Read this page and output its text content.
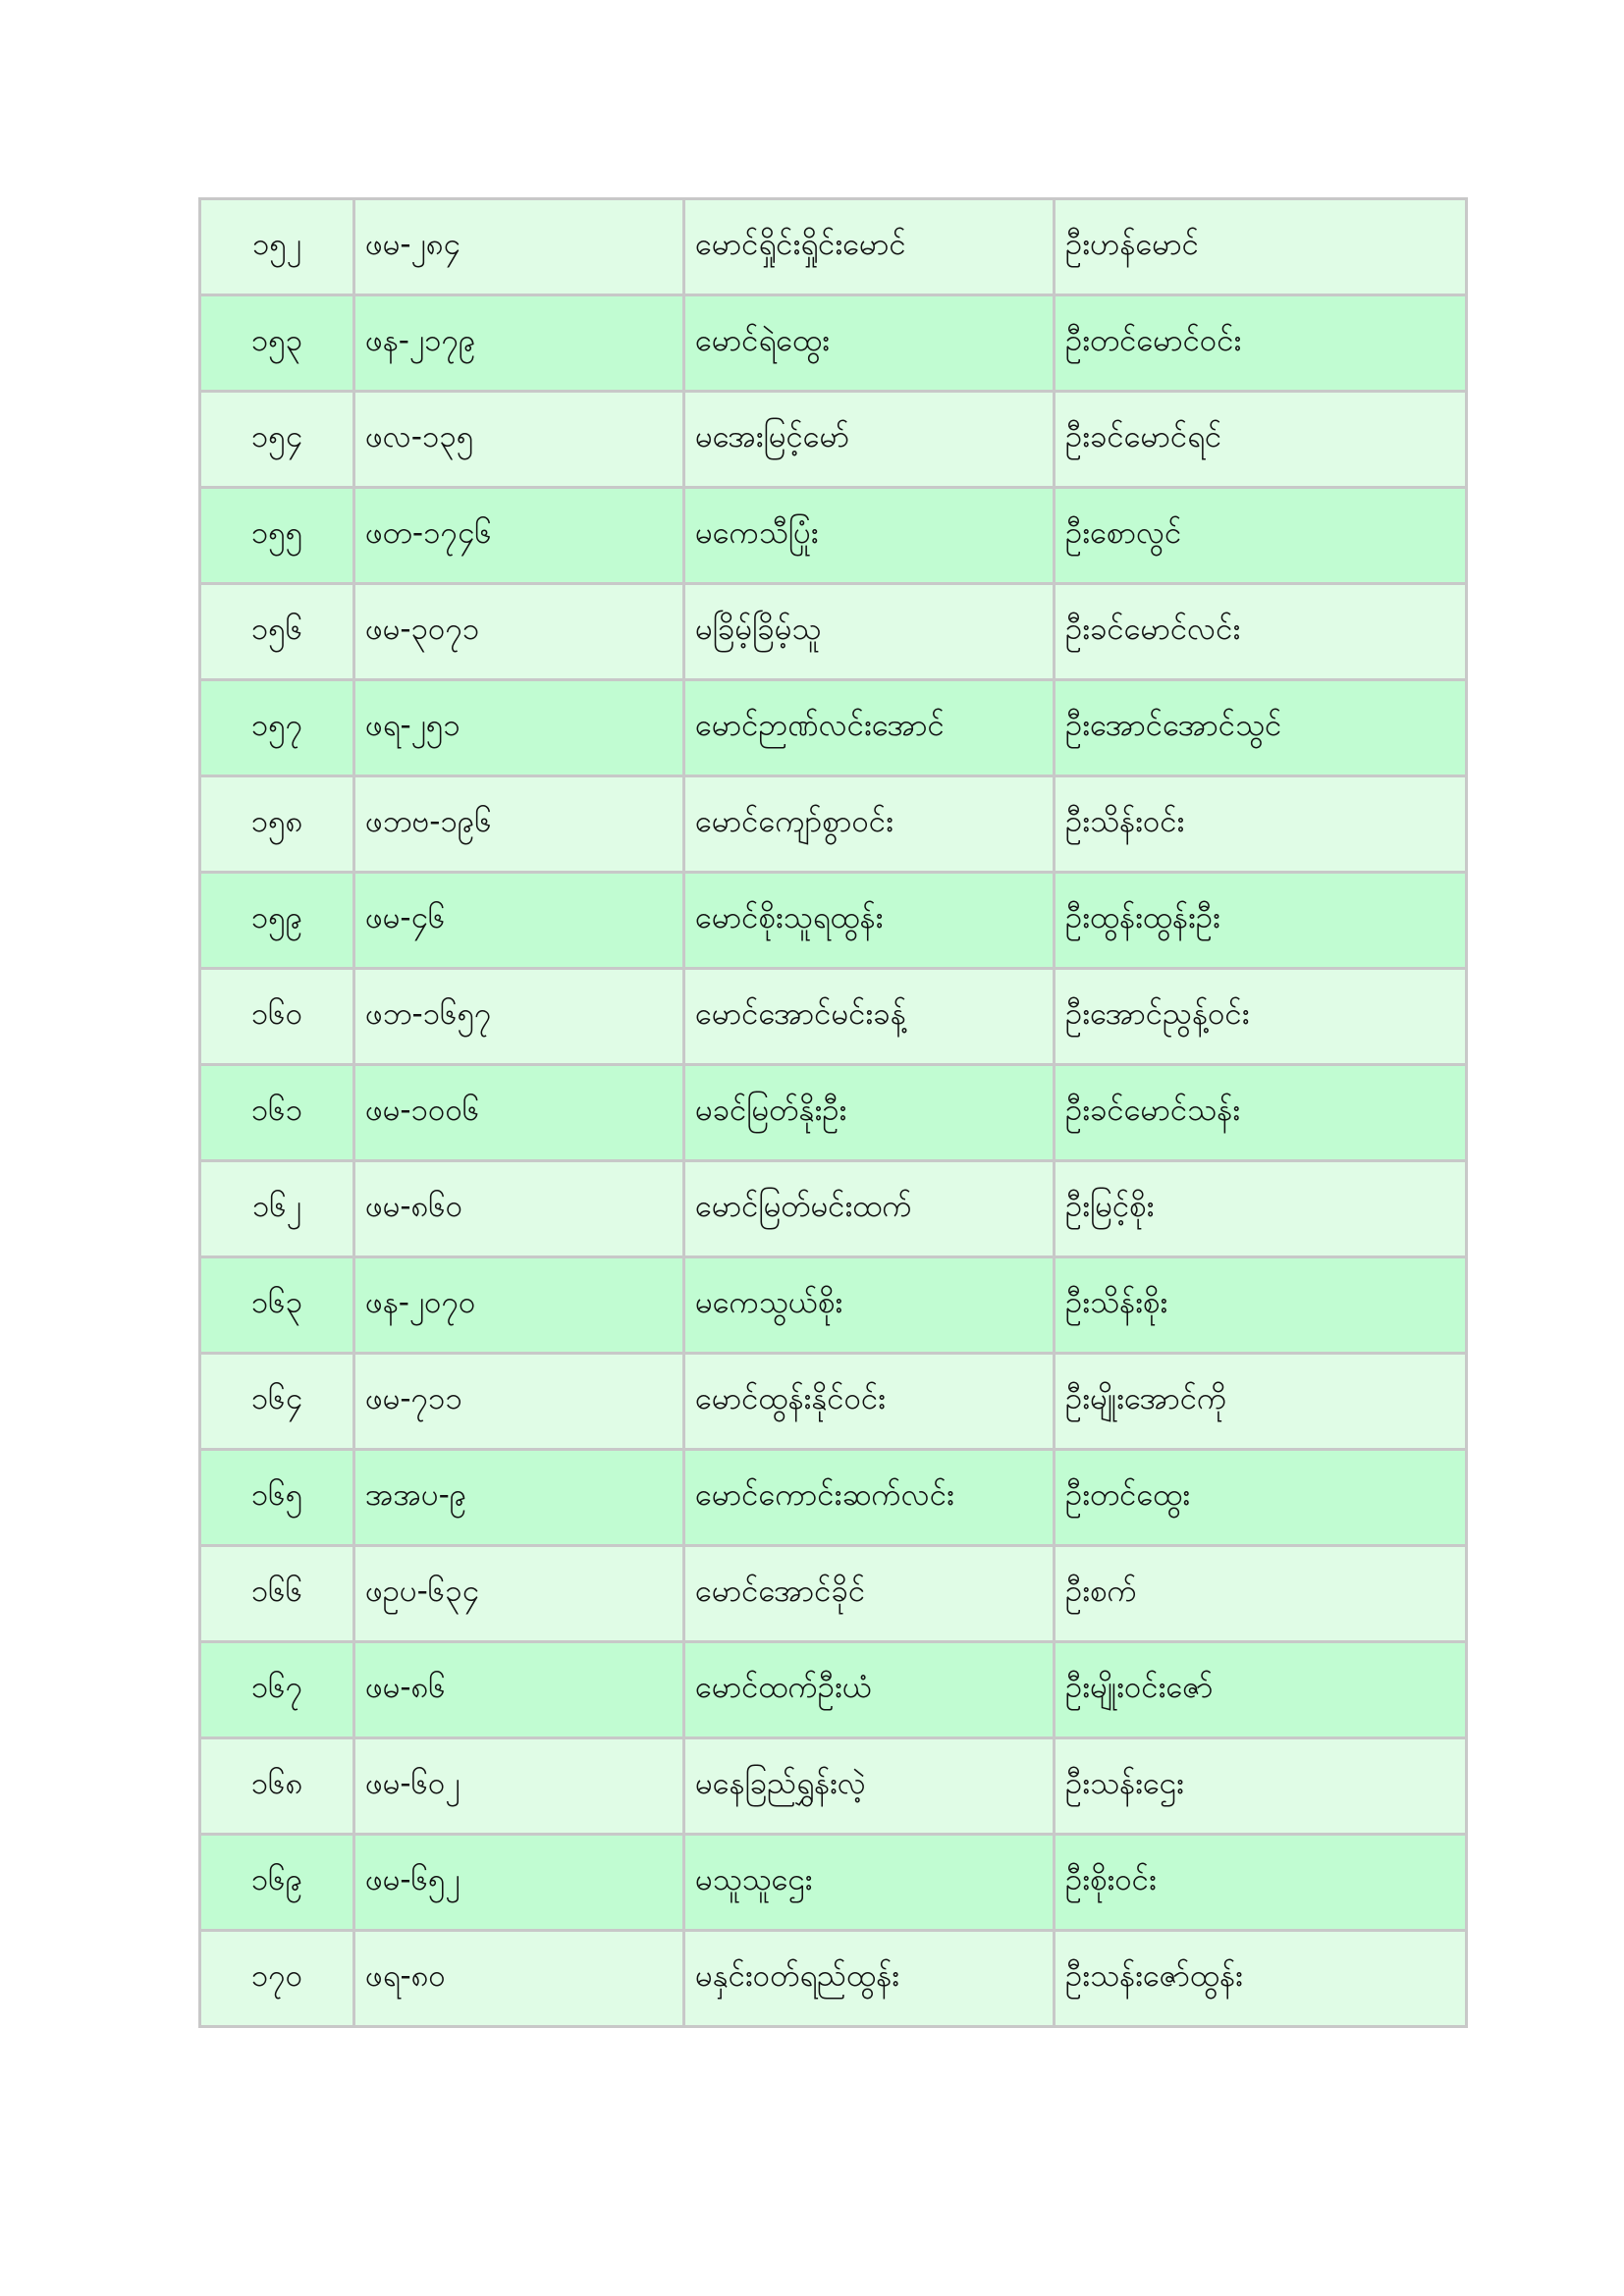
၁၅၂	ဖမ-၂၈၄	မောင်ရှိုင်းရှိုင်းမောင်	ဦးဟန်မောင်
၁၅၃	ဖန-၂၁၇၉	မောင်ရဲထွေး	ဦးတင်မောင်ဝင်း
၁၅၄	ဖလ-၁၃၅	မအေးမြင့်မော်	ဦးခင်မောင်ရင်
၁၅၅	ဖတ-၁၇၄၆	မကေသီပြုံး	ဦးစောလွင်
၁၅၆	ဖမ-၃၀၇၁	မခြိမ့်ခြိမ့်သူ	ဦးခင်မောင်လင်း
၁၅၇	ဖရ-၂၅၁	မောင်ဉာဏ်လင်းအောင်	ဦးအောင်အောင်သွင်
၁၅၈	ဖဘဗ-၁၉၆	မောင်ကျော်စွာဝင်း	ဦးသိန်းဝင်း
၁၅၉	ဖမ-၄၆	မောင်စိုးသူရထွန်း	ဦးထွန်းထွန်းဦး
၁၆၀	ဖဘ-၁၆၅၇	မောင်အောင်မင်းခန့်	ဦးအောင်ညွန့်ဝင်း
၁၆၁	ဖမ-၁၀၀၆	မခင်မြတ်နိုးဦး	ဦးခင်မောင်သန်း
၁၆၂	ဖမ-၈၆၀	မောင်မြတ်မင်းထက်	ဦးမြင့်စိုး
၁၆၃	ဖန-၂၀၇၀	မကေသွယ်စိုး	ဦးသိန်းစိုး
၁၆၄	ဖမ-၇၁၁	မောင်ထွန်းနိုင်ဝင်း	ဦးမျိုးအောင်ကို
၁၆၅	အအပ-၉	မောင်ကောင်းဆက်လင်း	ဦးတင်ထွေး
၁၆၆	ဖဥပ-၆၃၄	မောင်အောင်ခိုင်	ဦးစက်
၁၆၇	ဖမ-၈၆	မောင်ထက်ဦးယံ	ဦးမျိုးဝင်းဇော်
၁၆၈	ဖမ-၆၀၂	မနေခြည်ရွှန်းလဲ့	ဦးသန်းဌေး
၁၆၉	ဖမ-၆၅၂	မသူသူဌေး	ဦးစိုးဝင်း
၁၇၀	ဖရ-၈၀	မနှင်းဝတ်ရည်ထွန်း	ဦးသန်းဇော်ထွန်း
